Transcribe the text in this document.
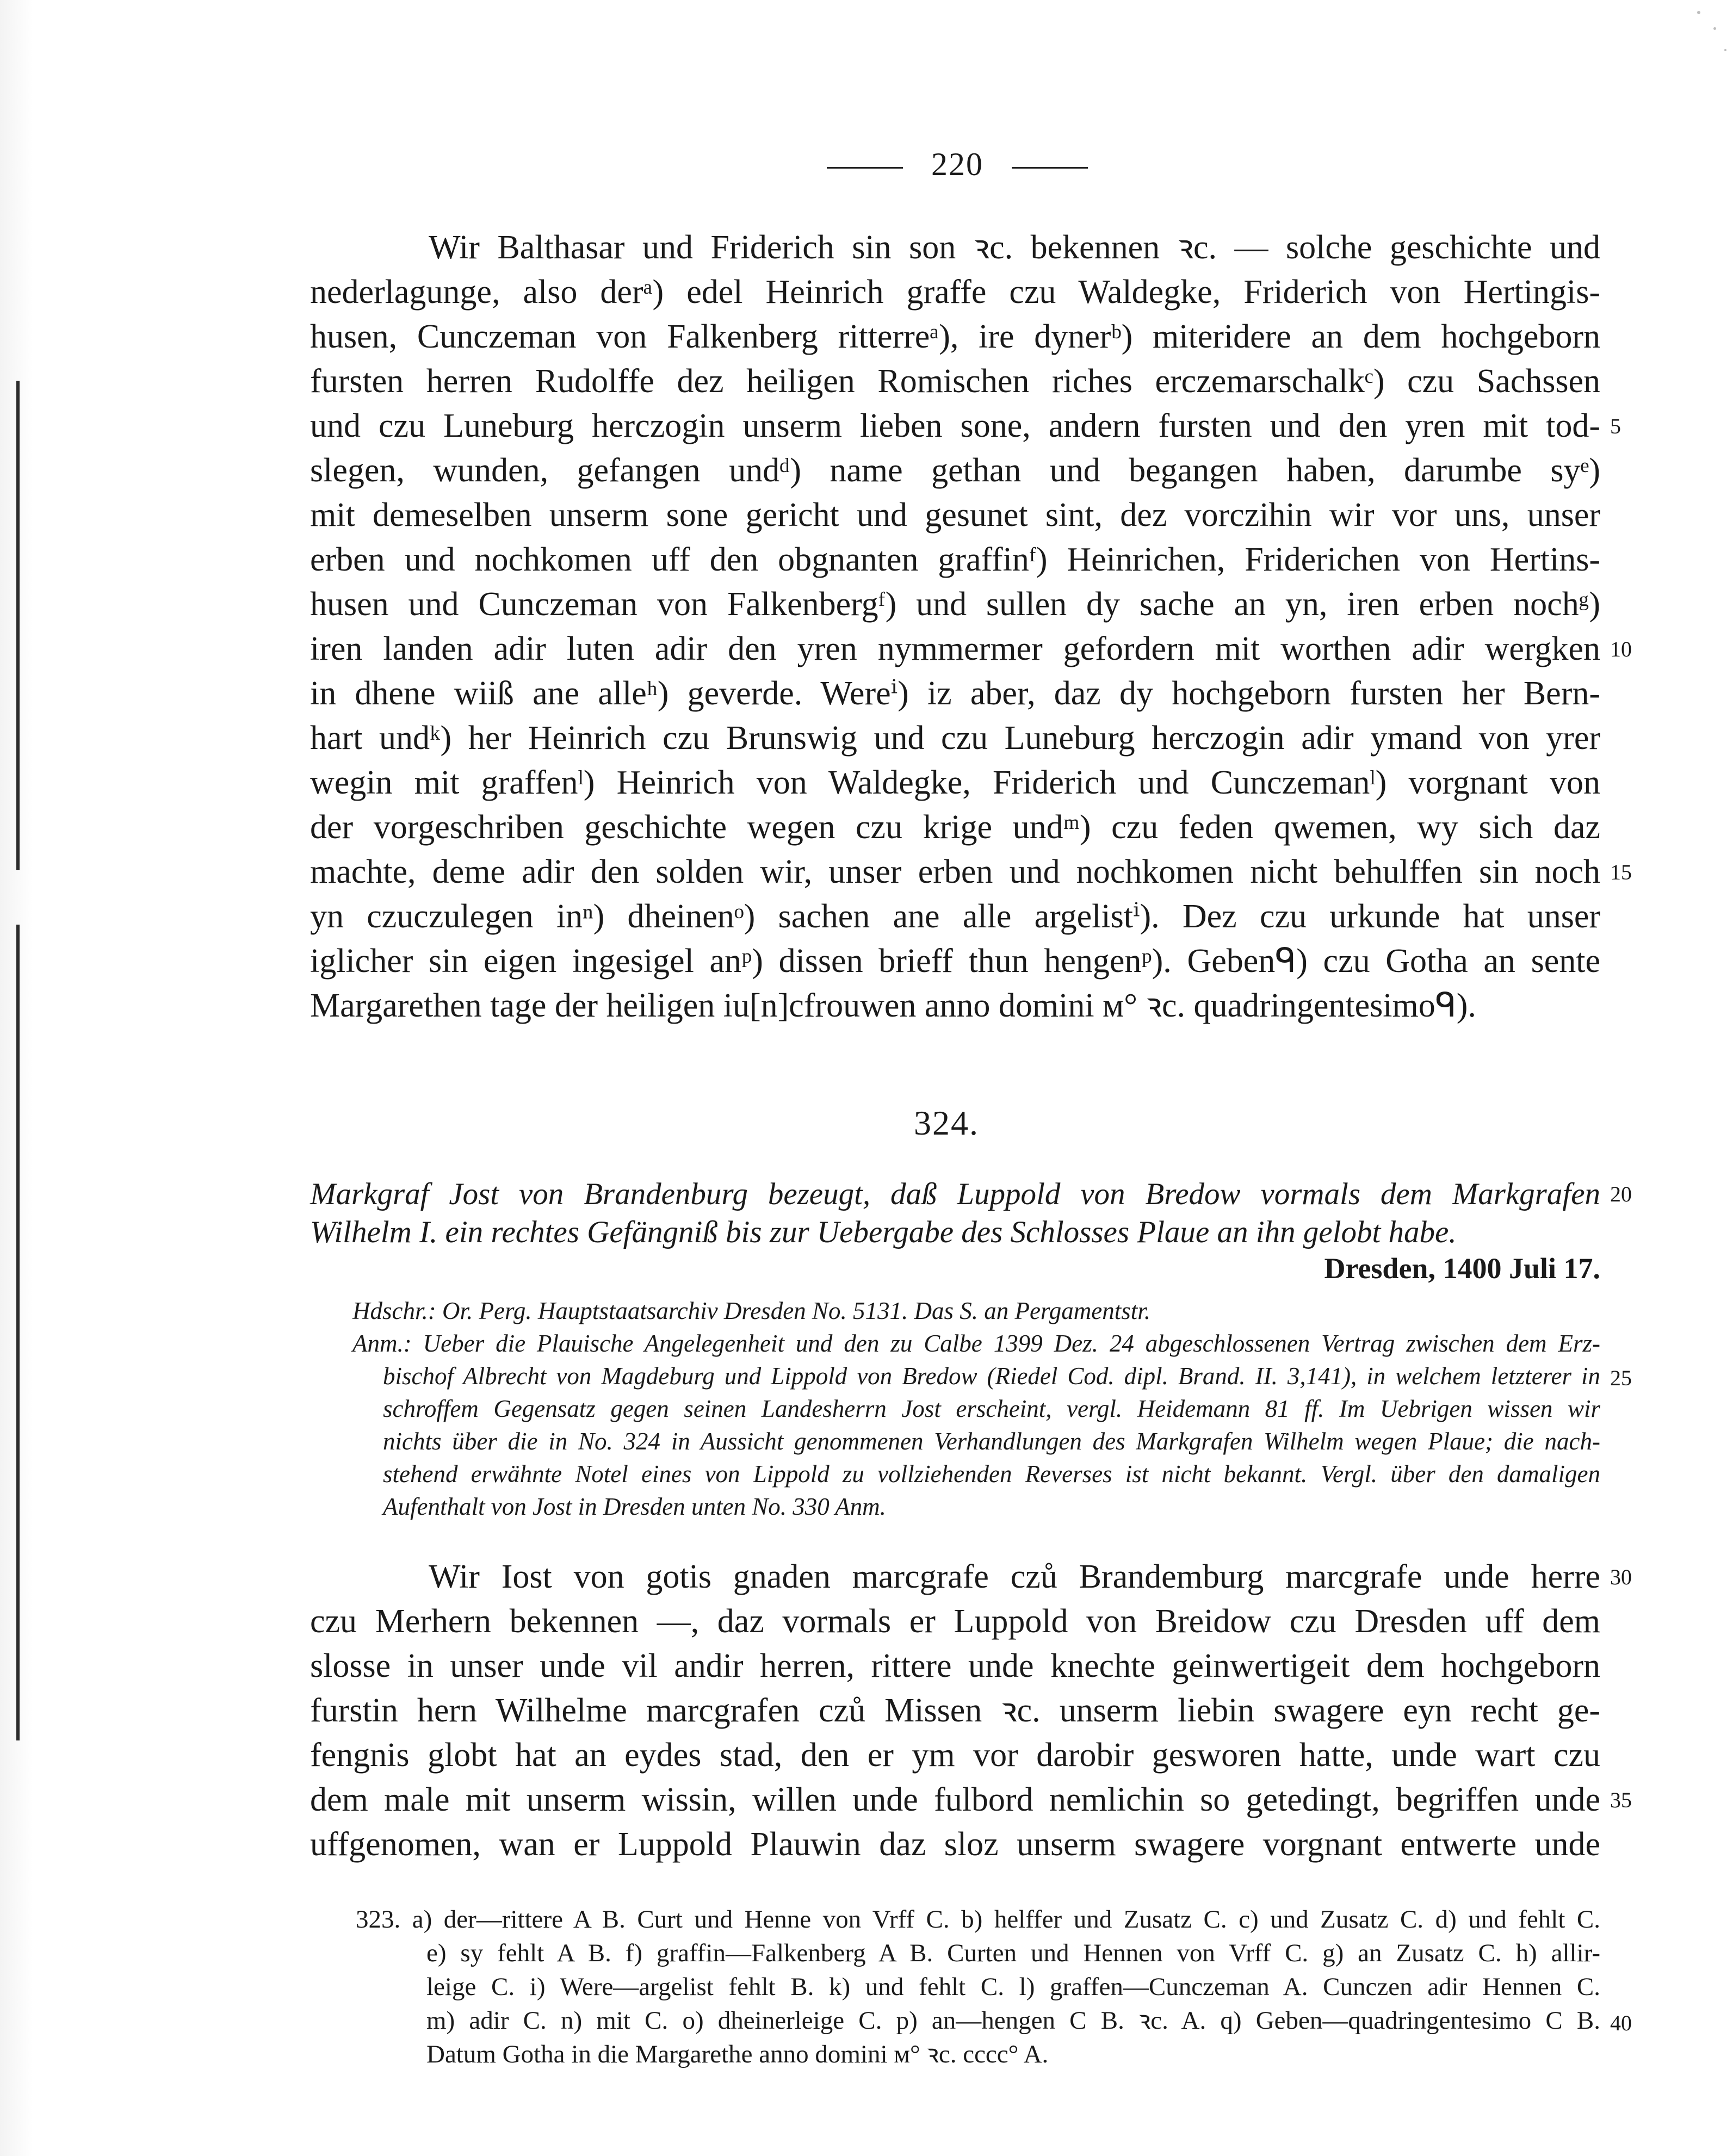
220
Wir Balthasar und Friderich sin son ꝛc. bekennen ꝛc. — solche geschichte und
nederlagunge, also derᵃ) edel Heinrich graffe czu Waldegke, Friderich von Hertingis-
husen, Cunczeman von Falkenberg ritterreᵃ), ire dynerᵇ) miteridere an dem hochgeborn
fursten herren Rudolffe dez heiligen Romischen riches erczemarschalkᶜ) czu Sachssen
und czu Luneburg herczogin unserm lieben sone, andern fursten und den yren mit tod-
slegen, wunden, gefangen undᵈ) name gethan und begangen haben, darumbe syᵉ)
mit demeselben unserm sone gericht und gesunet sint, dez vorczihin wir vor uns, unser
erben und nochkomen uff den obgnanten graffinᶠ) Heinrichen, Friderichen von Hertins-
husen und Cunczeman von Falkenbergᶠ) und sullen dy sache an yn, iren erben nochᵍ)
iren landen adir luten adir den yren nymmermer gefordern mit worthen adir wergken
in dhene wiiß ane alleʰ) geverde. Wereⁱ) iz aber, daz dy hochgeborn fursten her Bern-
hart undᵏ) her Heinrich czu Brunswig und czu Luneburg herczogin adir ymand von yrer
wegin mit graffenˡ) Heinrich von Waldegke, Friderich und Cunczemanˡ) vorgnant von
der vorgeschriben geschichte wegen czu krige undᵐ) czu feden qwemen, wy sich daz
machte, deme adir den solden wir, unser erben und nochkomen nicht behulffen sin noch
yn czuczulegen inⁿ) dheinenᵒ) sachen ane alle argelistⁱ). Dez czu urkunde hat unser
iglicher sin eigen ingesigel anᵖ) dissen brieff thun hengenᵖ). Gebenᑫ) czu Gotha an sente
Margarethen tage der heiligen iu[n]cfrouwen anno domini ᴍ° ꝛc. quadringentesimoᑫ).
5
10
15
324.
Markgraf Jost von Brandenburg bezeugt, daß Luppold von Bredow vormals dem Markgrafen
Wilhelm I. ein rechtes Gefängniß bis zur Uebergabe des Schlosses Plaue an ihn gelobt habe.
20
Dresden, 1400 Juli 17.
Hdschr.: Or. Perg. Hauptstaatsarchiv Dresden No. 5131. Das S. an Pergamentstr.
Anm.: Ueber die Plauische Angelegenheit und den zu Calbe 1399 Dez. 24 abgeschlossenen Vertrag zwischen dem Erz-
bischof Albrecht von Magdeburg und Lippold von Bredow (Riedel Cod. dipl. Brand. II. 3,141), in welchem letzterer in
schroffem Gegensatz gegen seinen Landesherrn Jost erscheint, vergl. Heidemann 81 ff. Im Uebrigen wissen wir
nichts über die in No. 324 in Aussicht genommenen Verhandlungen des Markgrafen Wilhelm wegen Plaue; die nach-
stehend erwähnte Notel eines von Lippold zu vollziehenden Reverses ist nicht bekannt. Vergl. über den damaligen
Aufenthalt von Jost in Dresden unten No. 330 Anm.
25
Wir Iost von gotis gnaden marcgrafe czů Brandemburg marcgrafe unde herre
czu Merhern bekennen —, daz vormals er Luppold von Breidow czu Dresden uff dem
slosse in unser unde vil andir herren, rittere unde knechte geinwertigeit dem hochgeborn
furstin hern Wilhelme marcgrafen czů Missen ꝛc. unserm liebin swagere eyn recht ge-
fengnis globt hat an eydes stad, den er ym vor darobir gesworen hatte, unde wart czu
dem male mit unserm wissin, willen unde fulbord nemlichin so getedingt, begriffen unde
uffgenomen, wan er Luppold Plauwin daz sloz unserm swagere vorgnant entwerte unde
30
35
323. a) der—rittere A B. Curt und Henne von Vrff C. b) helffer und Zusatz C. c) und Zusatz C. d) und fehlt C.
e) sy fehlt A B. f) graffin—Falkenberg A B. Curten und Hennen von Vrff C. g) an Zusatz C. h) allir-
leige C. i) Were—argelist fehlt B. k) und fehlt C. l) graffen—Cunczeman A. Cunczen adir Hennen C.
m) adir C. n) mit C. o) dheinerleige C. p) an—hengen C B. ꝛc. A. q) Geben—quadringentesimo C B.
Datum Gotha in die Margarethe anno domini ᴍ° ꝛc. cccc° A.
40
